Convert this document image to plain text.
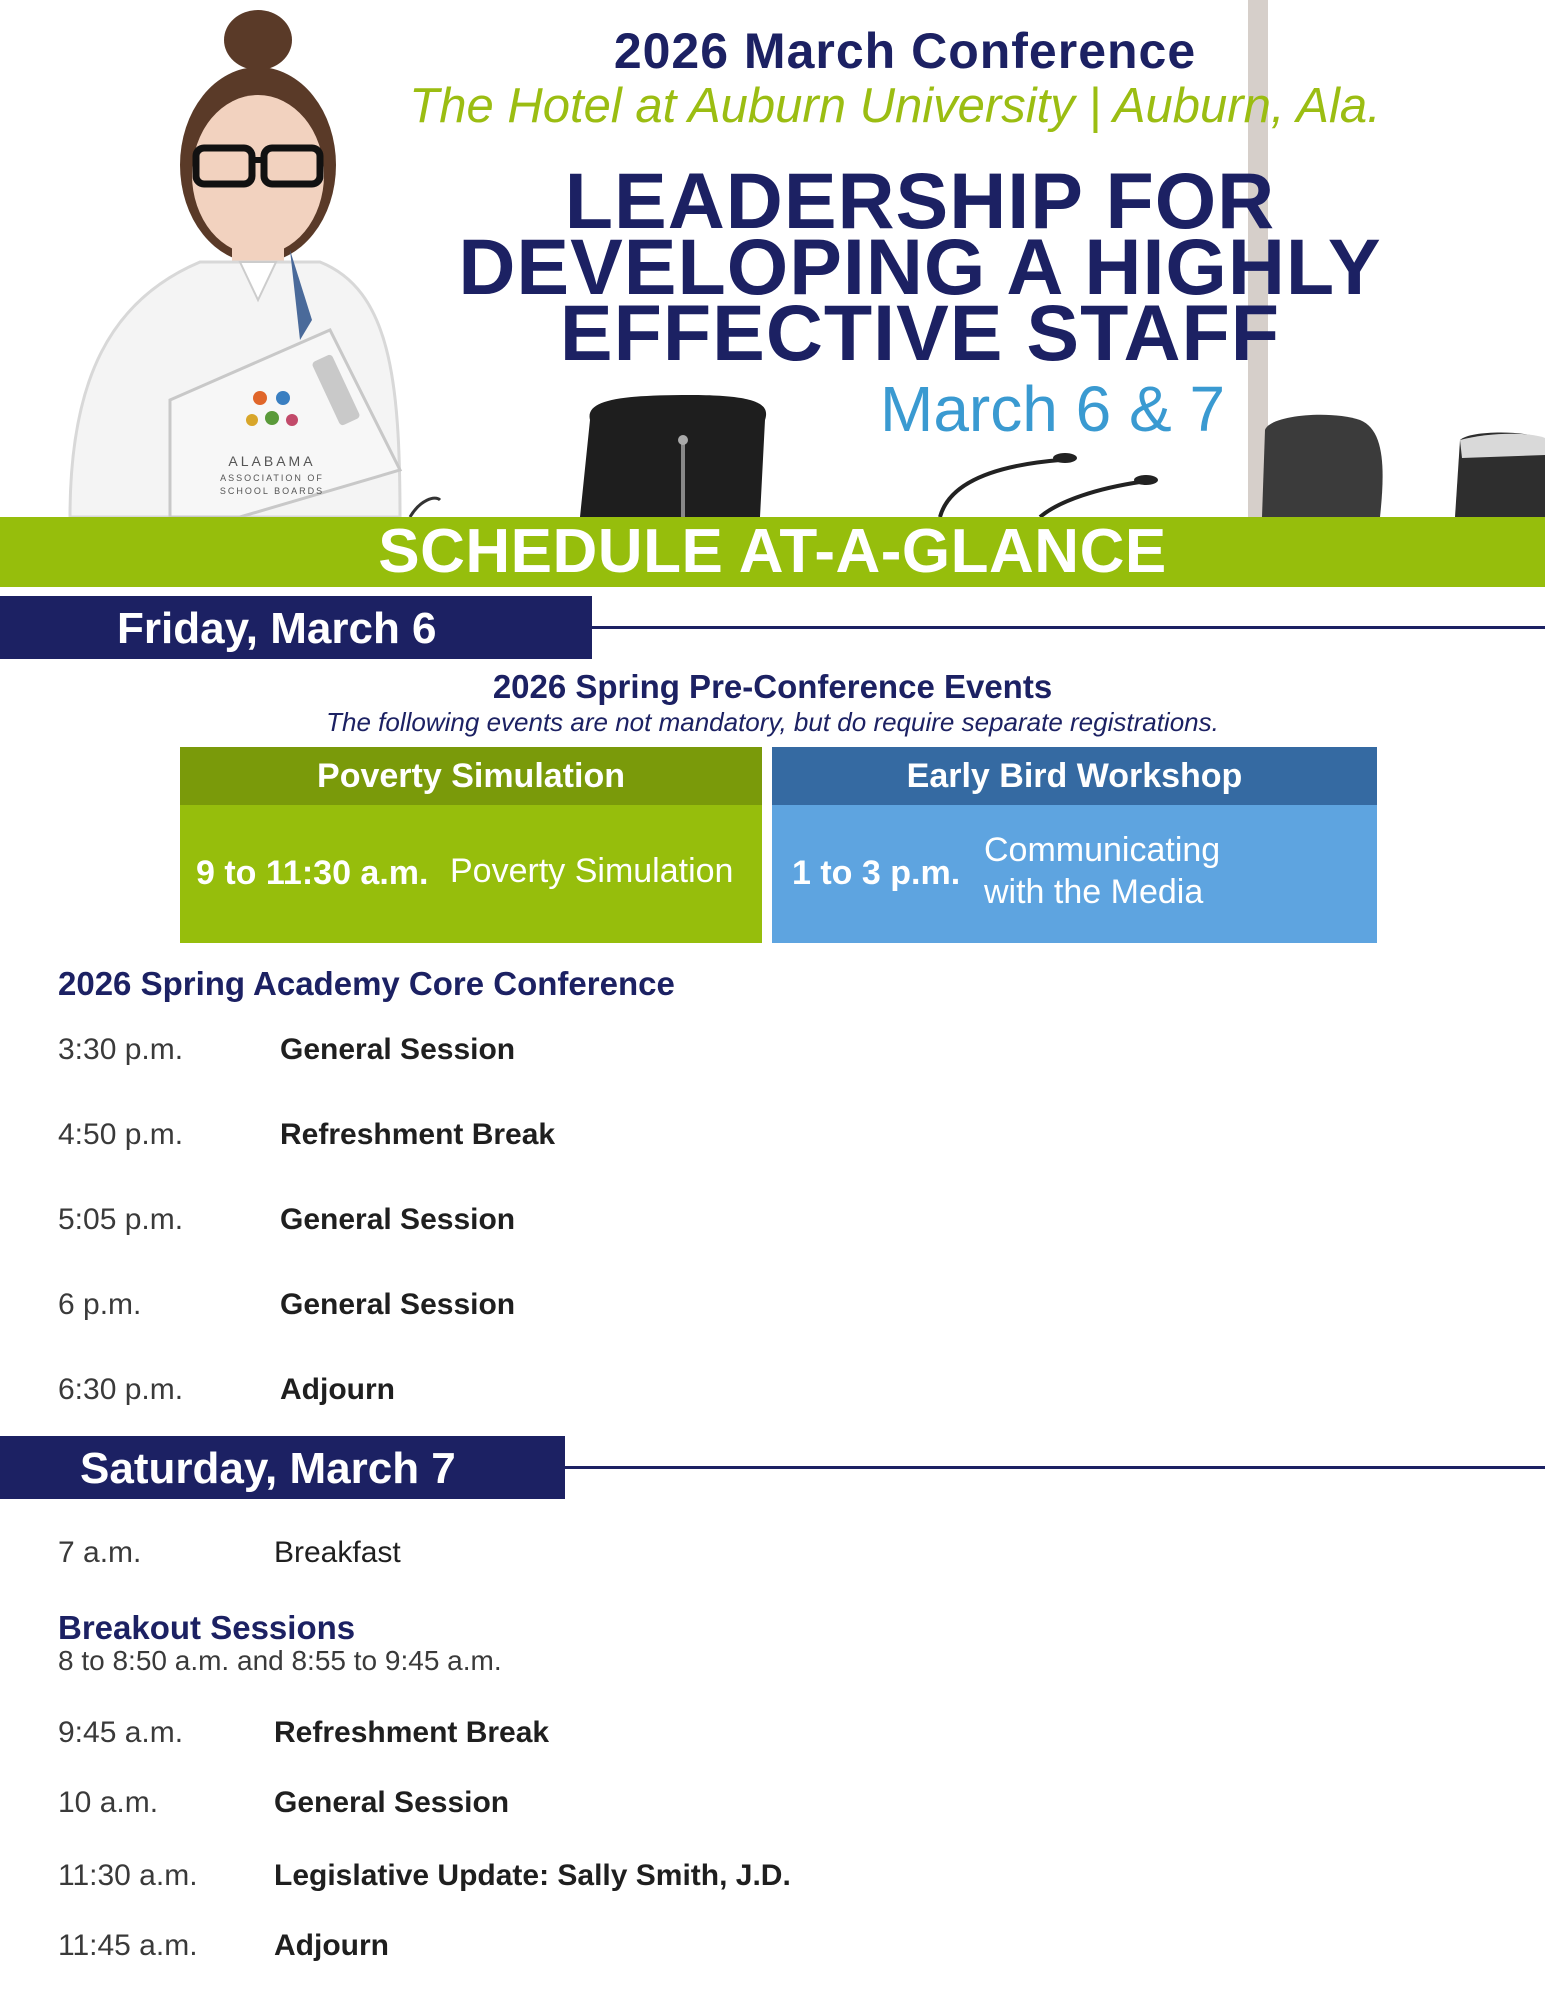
ALABAMA
ASSOCIATION OF
SCHOOL BOARDS
2026 March Conference
The Hotel at Auburn University | Auburn, Ala.
LEADERSHIP FOR
DEVELOPING A HIGHLY
EFFECTIVE STAFF
March 6 & 7
SCHEDULE AT-A-GLANCE
Friday, March 6
2026 Spring Pre-Conference Events
The following events are not mandatory, but do require separate registrations.
Poverty Simulation
9 to 11:30 a.m. Poverty Simulation
Early Bird Workshop
1 to 3 p.m.
Communicating
with the Media
2026 Spring Academy Core Conference
3:30 p.m.	General Session
4:50 p.m.	Refreshment Break
5:05 p.m.	General Session
6 p.m.	General Session
6:30 p.m.	Adjourn
Saturday, March 7
7 a.m.	Breakfast
Breakout Sessions
8 to 8:50 a.m. and 8:55 to 9:45 a.m.
9:45 a.m.	Refreshment Break
10 a.m.	General Session
11:30 a.m.	Legislative Update: Sally Smith, J.D.
11:45 a.m.	Adjourn
